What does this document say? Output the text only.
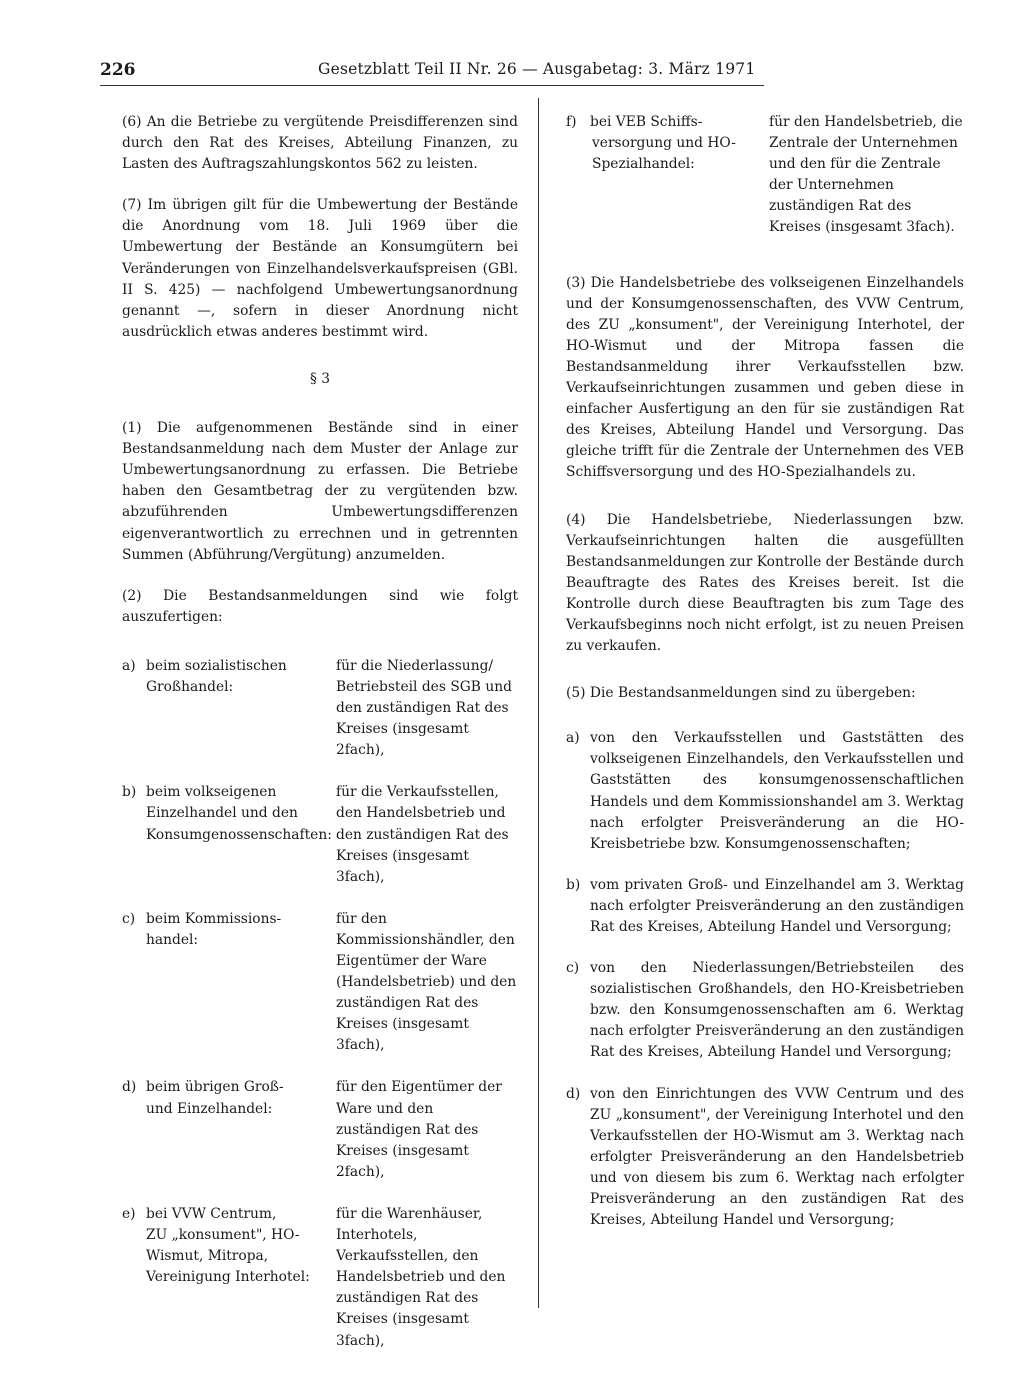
226	Gesetzblatt Teil II Nr. 26 — Ausgabetag: 3. März 1971

(6) An die Betriebe zu vergütende Preisdifferenzen sind durch den Rat des Kreises, Abteilung Finanzen, zu Lasten des Auftragszahlungskontos 562 zu leisten.

(7) Im übrigen gilt für die Umbewertung der Bestände die Anordnung vom 18. Juli 1969 über die Umbewertung der Bestände an Konsumgütern bei Veränderungen von Einzelhandelsverkaufspreisen (GBl. II S. 425) — nachfolgend Umbewertungsanordnung genannt —, sofern in dieser Anordnung nicht ausdrücklich etwas anderes bestimmt wird.

§ 3

(1) Die aufgenommenen Bestände sind in einer Bestandsanmeldung nach dem Muster der Anlage zur Umbewertungsanordnung zu erfassen. Die Betriebe haben den Gesamtbetrag der zu vergütenden bzw. abzuführenden Umbewertungsdifferenzen eigenverantwortlich zu errechnen und in getrennten Summen (Abführung/Vergütung) anzumelden.

(2) Die Bestandsanmeldungen sind wie folgt auszufertigen:

a) beim sozialistischen
Großhandel:
für die Niederlassung/ Betriebsteil des SGB und den zuständigen Rat des Kreises (insgesamt 2fach),
b) beim volkseigenen
Einzelhandel und den Konsumgenossenschaften:
für die Verkaufsstellen, den Handelsbetrieb und den zuständigen Rat des Kreises (insgesamt 3fach),
c) beim Kommissions-
handel:
für den Kommissionshändler, den Eigentümer der Ware (Handelsbetrieb) und den zuständigen Rat des Kreises (insgesamt 3fach),
d) beim übrigen Groß-
und Einzelhandel:
für den Eigentümer der Ware und den zuständigen Rat des Kreises (insgesamt 2fach),
e) bei VVW Centrum,
ZU „konsument", HO-Wismut, Mitropa, Vereinigung Interhotel:
für die Warenhäuser, Interhotels, Verkaufsstellen, den Handelsbetrieb und den zuständigen Rat des Kreises (insgesamt 3fach),
f) bei VEB Schiffs-
versorgung und HO-Spezialhandel:
für den Handelsbetrieb, die Zentrale der Unternehmen und den für die Zentrale der Unternehmen zuständigen Rat des Kreises (insgesamt 3fach).

(3) Die Handelsbetriebe des volkseigenen Einzelhandels und der Konsumgenossenschaften, des VVW Centrum, des ZU „konsument", der Vereinigung Interhotel, der HO-Wismut und der Mitropa fassen die Bestandsanmeldung ihrer Verkaufsstellen bzw. Verkaufseinrichtungen zusammen und geben diese in einfacher Ausfertigung an den für sie zuständigen Rat des Kreises, Abteilung Handel und Versorgung. Das gleiche trifft für die Zentrale der Unternehmen des VEB Schiffsversorgung und des HO-Spezialhandels zu.

(4) Die Handelsbetriebe, Niederlassungen bzw. Verkaufseinrichtungen halten die ausgefüllten Bestandsanmeldungen zur Kontrolle der Bestände durch Beauftragte des Rates des Kreises bereit. Ist die Kontrolle durch diese Beauftragten bis zum Tage des Verkaufsbeginns noch nicht erfolgt, ist zu neuen Preisen zu verkaufen.

(5) Die Bestandsanmeldungen sind zu übergeben:

a) von den Verkaufsstellen und Gaststätten des volkseigenen Einzelhandels, den Verkaufsstellen und Gaststätten des konsumgenossenschaftlichen Handels und dem Kommissionshandel am 3. Werktag nach erfolgter Preisveränderung an die HO-Kreisbetriebe bzw. Konsumgenossenschaften;
b) vom privaten Groß- und Einzelhandel am 3. Werktag nach erfolgter Preisveränderung an den zuständigen Rat des Kreises, Abteilung Handel und Versorgung;
c) von den Niederlassungen/Betriebsteilen des sozialistischen Großhandels, den HO-Kreisbetrieben bzw. den Konsumgenossenschaften am 6. Werktag nach erfolgter Preisveränderung an den zuständigen Rat des Kreises, Abteilung Handel und Versorgung;
d) von den Einrichtungen des VVW Centrum und des ZU „konsument", der Vereinigung Interhotel und den Verkaufsstellen der HO-Wismut am 3. Werktag nach erfolgter Preisveränderung an den Handelsbetrieb und von diesem bis zum 6. Werktag nach erfolgter Preisveränderung an den zuständigen Rat des Kreises, Abteilung Handel und Versorgung;
